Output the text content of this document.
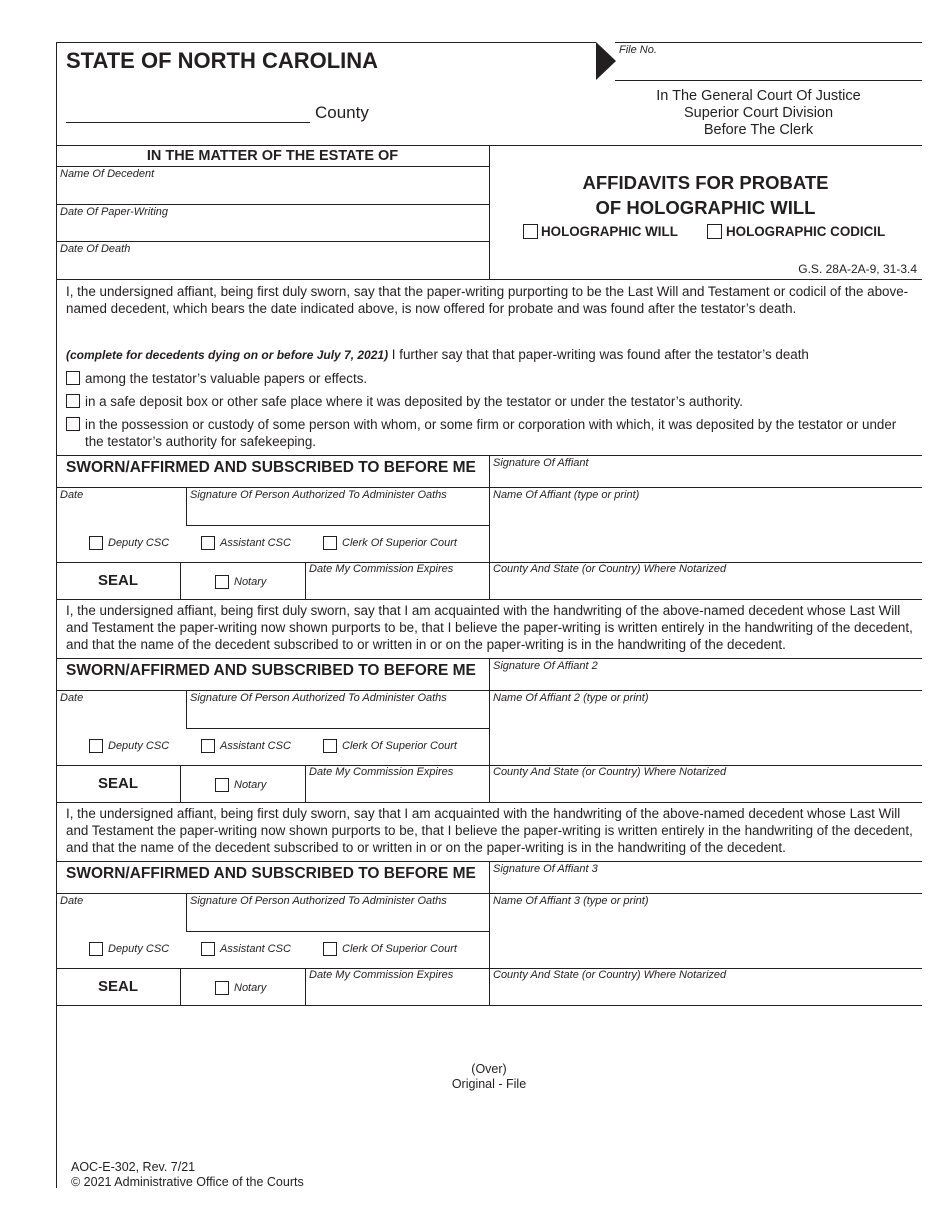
STATE OF NORTH CAROLINA
County
File No.
In The General Court Of Justice
Superior Court Division
Before The Clerk
IN THE MATTER OF THE ESTATE OF
Name Of Decedent
Date Of Paper-Writing
Date Of Death
AFFIDAVITS FOR PROBATE
OF HOLOGRAPHIC WILL
HOLOGRAPHIC WILL	HOLOGRAPHIC CODICIL
G.S. 28A-2A-9, 31-3.4
I, the undersigned affiant, being first duly sworn, say that the paper-writing purporting to be the Last Will and Testament or codicil of the above-named decedent, which bears the date indicated above, is now offered for probate and was found after the testator’s death.
(complete for decedents dying on or before July 7, 2021) I further say that that paper-writing was found after the testator’s death
among the testator’s valuable papers or effects.
in a safe deposit box or other safe place where it was deposited by the testator or under the testator’s authority.
in the possession or custody of some person with whom, or some firm or corporation with which, it was deposited by the testator or under the testator’s authority for safekeeping.
SWORN/AFFIRMED AND SUBSCRIBED TO BEFORE ME Signature Of Affiant
Date	Signature Of Person Authorized To Administer Oaths	Name Of Affiant (type or print)
Deputy CSC	Assistant CSC	Clerk Of Superior Court
SEAL	Notary
Date My Commission Expires	County And State (or Country) Where Notarized
I, the undersigned affiant, being first duly sworn, say that I am acquainted with the handwriting of the above-named decedent whose Last Will and Testament the paper-writing now shown purports to be, that I believe the paper-writing is written entirely in the handwriting of the decedent, and that the name of the decedent subscribed to or written in or on the paper-writing is in the handwriting of the decedent.
SWORN/AFFIRMED AND SUBSCRIBED TO BEFORE ME Signature Of Affiant 2
Date	Signature Of Person Authorized To Administer Oaths	Name Of Affiant 2 (type or print)
Deputy CSC	Assistant CSC	Clerk Of Superior Court
SEAL	Notary
Date My Commission Expires	County And State (or Country) Where Notarized
I, the undersigned affiant, being first duly sworn, say that I am acquainted with the handwriting of the above-named decedent whose Last Will and Testament the paper-writing now shown purports to be, that I believe the paper-writing is written entirely in the handwriting of the decedent, and that the name of the decedent subscribed to or written in or on the paper-writing is in the handwriting of the decedent.
SWORN/AFFIRMED AND SUBSCRIBED TO BEFORE ME Signature Of Affiant 3
Date	Signature Of Person Authorized To Administer Oaths	Name Of Affiant 3 (type or print)
Deputy CSC	Assistant CSC	Clerk Of Superior Court
SEAL	Notary
Date My Commission Expires	County And State (or Country) Where Notarized
(Over)
Original - File
AOC-E-302, Rev. 7/21
© 2021 Administrative Office of the Courts
